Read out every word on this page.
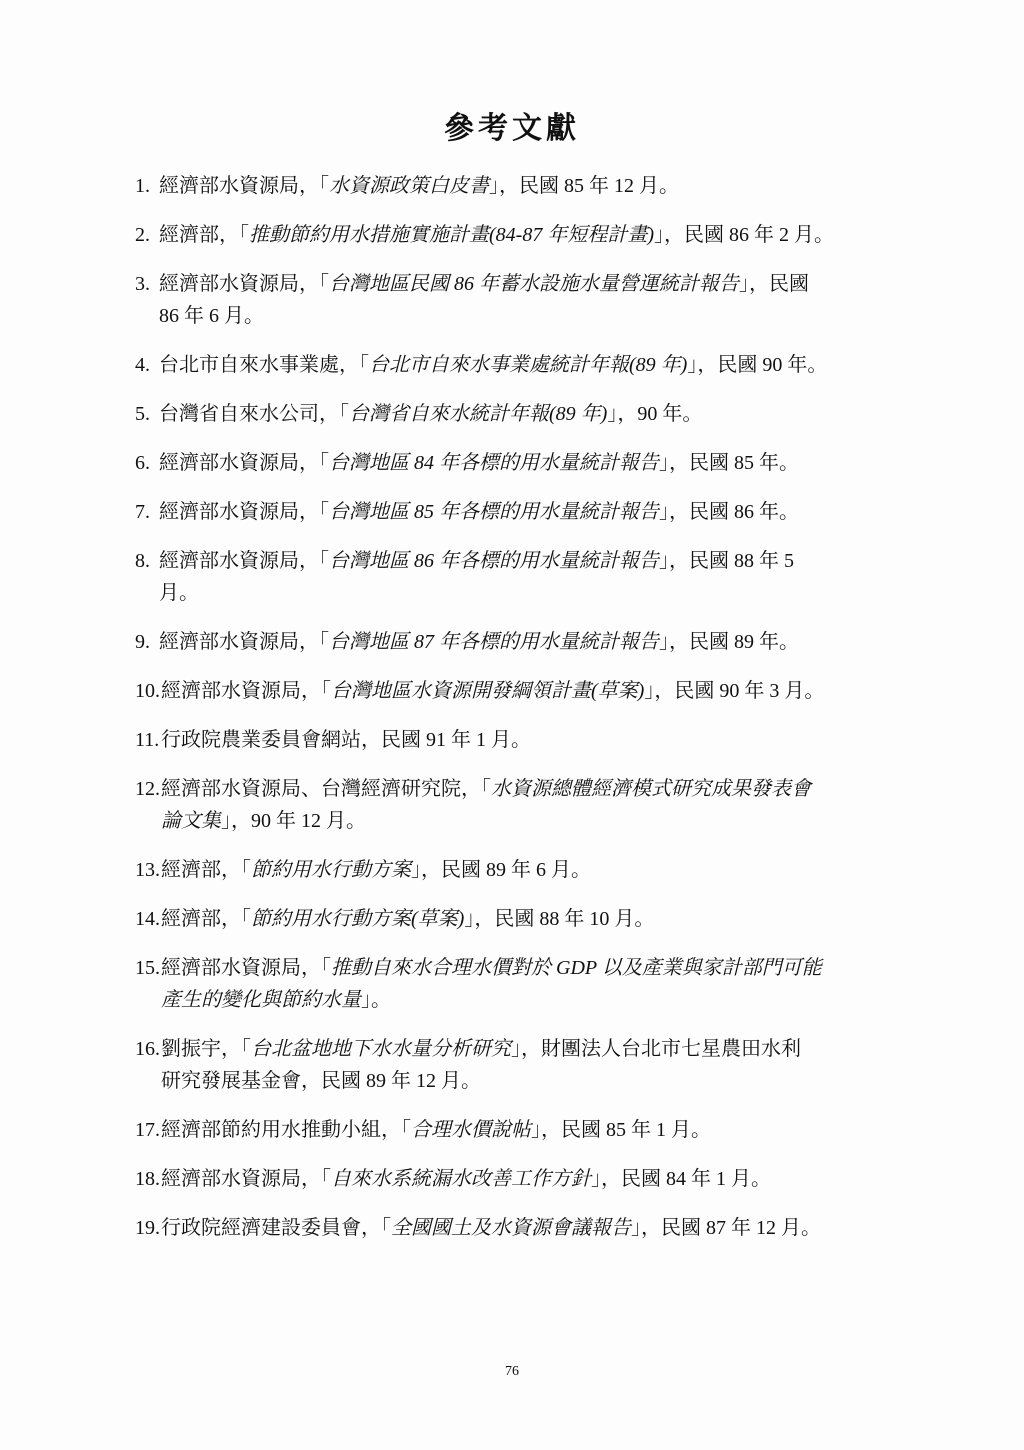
參考文獻
1. 經濟部水資源局，「水資源政策白皮書」，民國 85 年 12 月。
2. 經濟部，「推動節約用水措施實施計畫(84-87 年短程計畫)」，民國 86 年 2 月。
3. 經濟部水資源局，「台灣地區民國 86 年蓄水設施水量營運統計報告」，民國
86 年 6 月。
4. 台北市自來水事業處，「台北市自來水事業處統計年報(89 年)」，民國 90 年。
5. 台灣省自來水公司，「台灣省自來水統計年報(89 年)」，90 年。
6. 經濟部水資源局，「台灣地區 84 年各標的用水量統計報告」，民國 85 年。
7. 經濟部水資源局，「台灣地區 85 年各標的用水量統計報告」，民國 86 年。
8. 經濟部水資源局，「台灣地區 86 年各標的用水量統計報告」，民國 88 年 5
月。
9. 經濟部水資源局，「台灣地區 87 年各標的用水量統計報告」，民國 89 年。
10. 經濟部水資源局，「台灣地區水資源開發綱領計畫(草案)」，民國 90 年 3 月。
11. 行政院農業委員會網站，民國 91 年 1 月。
12. 經濟部水資源局、台灣經濟研究院，「水資源總體經濟模式研究成果發表會
論文集」，90 年 12 月。
13. 經濟部，「節約用水行動方案」，民國 89 年 6 月。
14. 經濟部，「節約用水行動方案(草案)」，民國 88 年 10 月。
15. 經濟部水資源局，「推動自來水合理水價對於 GDP 以及產業與家計部門可能
產生的變化與節約水量」。
16. 劉振宇，「台北盆地地下水水量分析研究」，財團法人台北市七星農田水利
研究發展基金會，民國 89 年 12 月。
17. 經濟部節約用水推動小組，「合理水價說帖」，民國 85 年 1 月。
18. 經濟部水資源局，「自來水系統漏水改善工作方針」，民國 84 年 1 月。
19. 行政院經濟建設委員會，「全國國土及水資源會議報告」，民國 87 年 12 月。
76
